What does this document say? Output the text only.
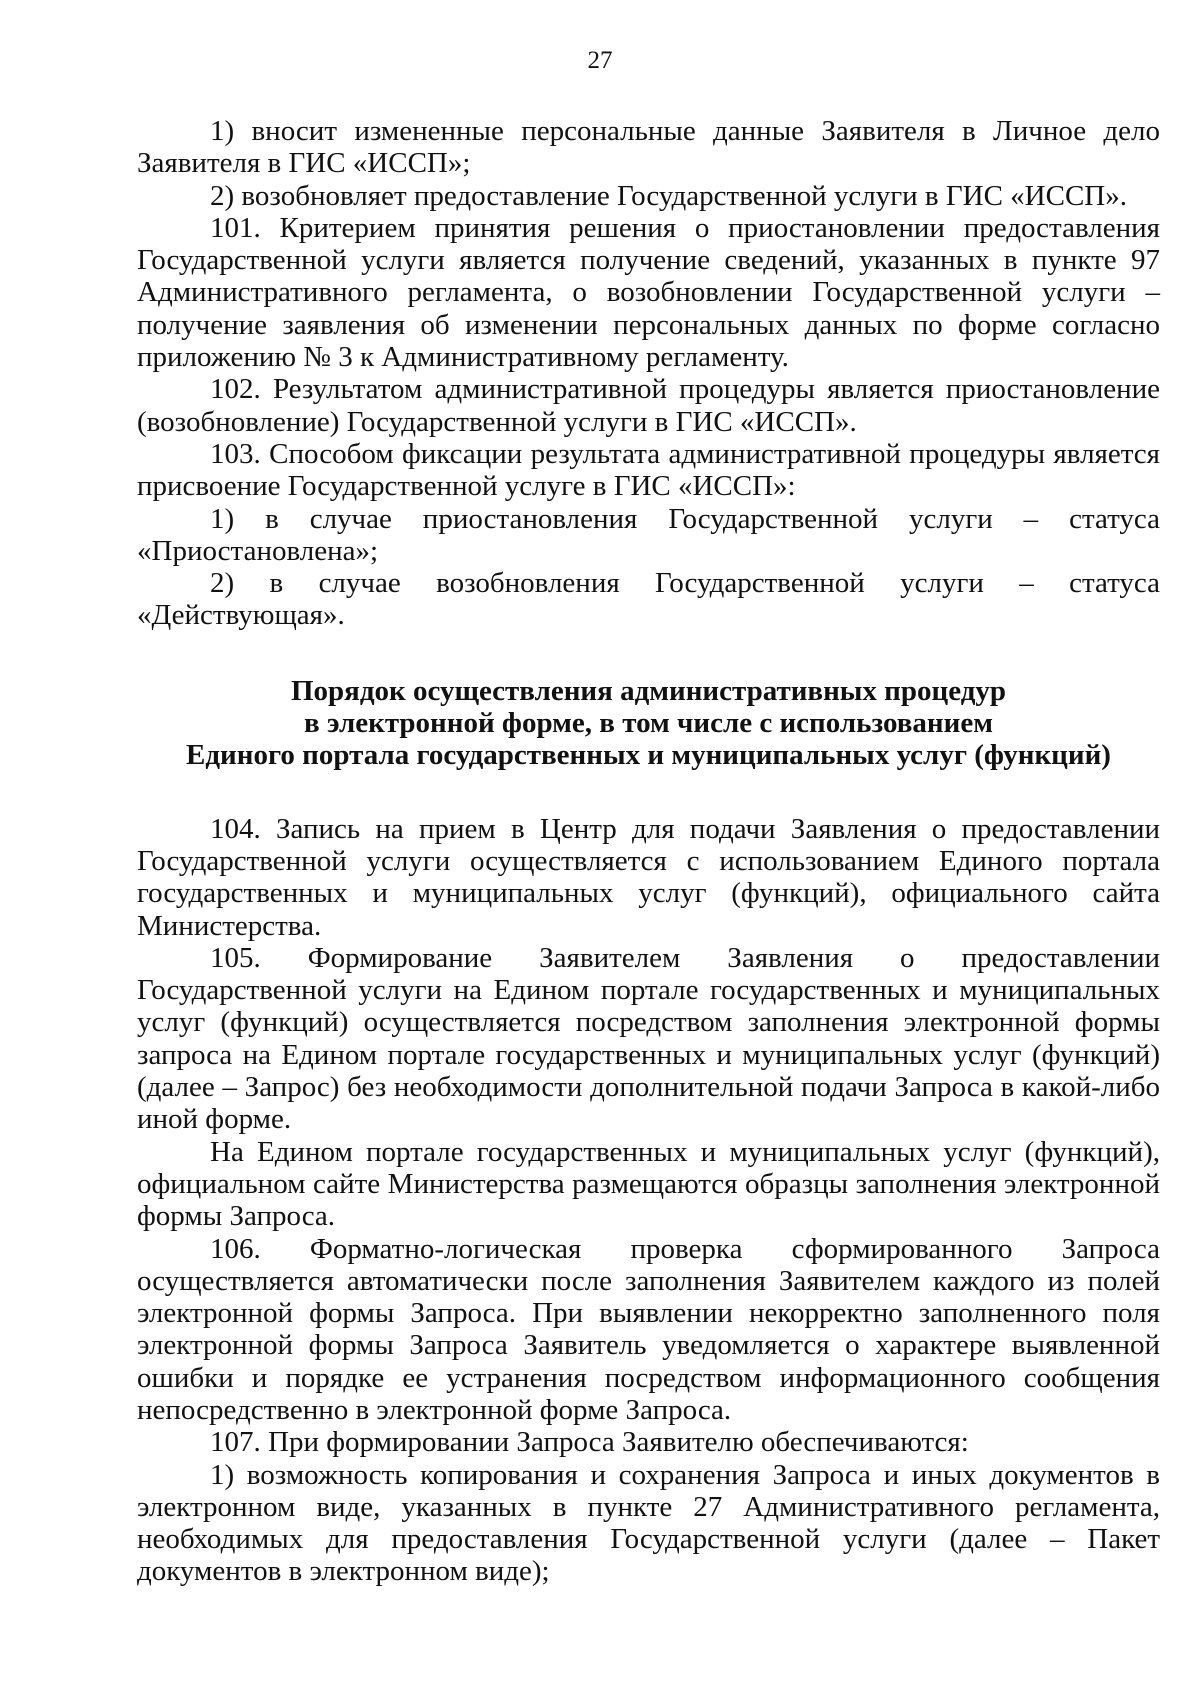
27

1) вносит измененные персональные данные Заявителя в Личное дело Заявителя в ГИС «ИССП»;

2) возобновляет предоставление Государственной услуги в ГИС «ИССП».

101. Критерием принятия решения о приостановлении предоставления Государственной услуги является получение сведений, указанных в пункте 97 Административного регламента, о возобновлении Государственной услуги – получение заявления об изменении персональных данных по форме согласно приложению № 3 к Административному регламенту.

102. Результатом административной процедуры является приостановление (возобновление) Государственной услуги в ГИС «ИССП».

103. Способом фиксации результата административной процедуры является присвоение Государственной услуге в ГИС «ИССП»:

1) в случае приостановления Государственной услуги – статуса «Приостановлена»;

2) в случае возобновления Государственной услуги – статуса «Действующая».

Порядок осуществления административных процедур

в электронной форме, в том числе с использованием

Единого портала государственных и муниципальных услуг (функций)

104. Запись на прием в Центр для подачи Заявления о предоставлении Государственной услуги осуществляется с использованием Единого портала государственных и муниципальных услуг (функций), официального сайта Министерства.

105. Формирование Заявителем Заявления о предоставлении Государственной услуги на Едином портале государственных и муниципальных услуг (функций) осуществляется посредством заполнения электронной формы запроса на Едином портале государственных и муниципальных услуг (функций) (далее – Запрос) без необходимости дополнительной подачи Запроса в какой-либо иной форме.

На Едином портале государственных и муниципальных услуг (функций), официальном сайте Министерства размещаются образцы заполнения электронной формы Запроса.

106. Форматно-логическая проверка сформированного Запроса осуществляется автоматически после заполнения Заявителем каждого из полей электронной формы Запроса. При выявлении некорректно заполненного поля электронной формы Запроса Заявитель уведомляется о характере выявленной ошибки и порядке ее устранения посредством информационного сообщения непосредственно в электронной форме Запроса.

107. При формировании Запроса Заявителю обеспечиваются:

1) возможность копирования и сохранения Запроса и иных документов в электронном виде, указанных в пункте 27 Административного регламента, необходимых для предоставления Государственной услуги (далее – Пакет документов в электронном виде);
